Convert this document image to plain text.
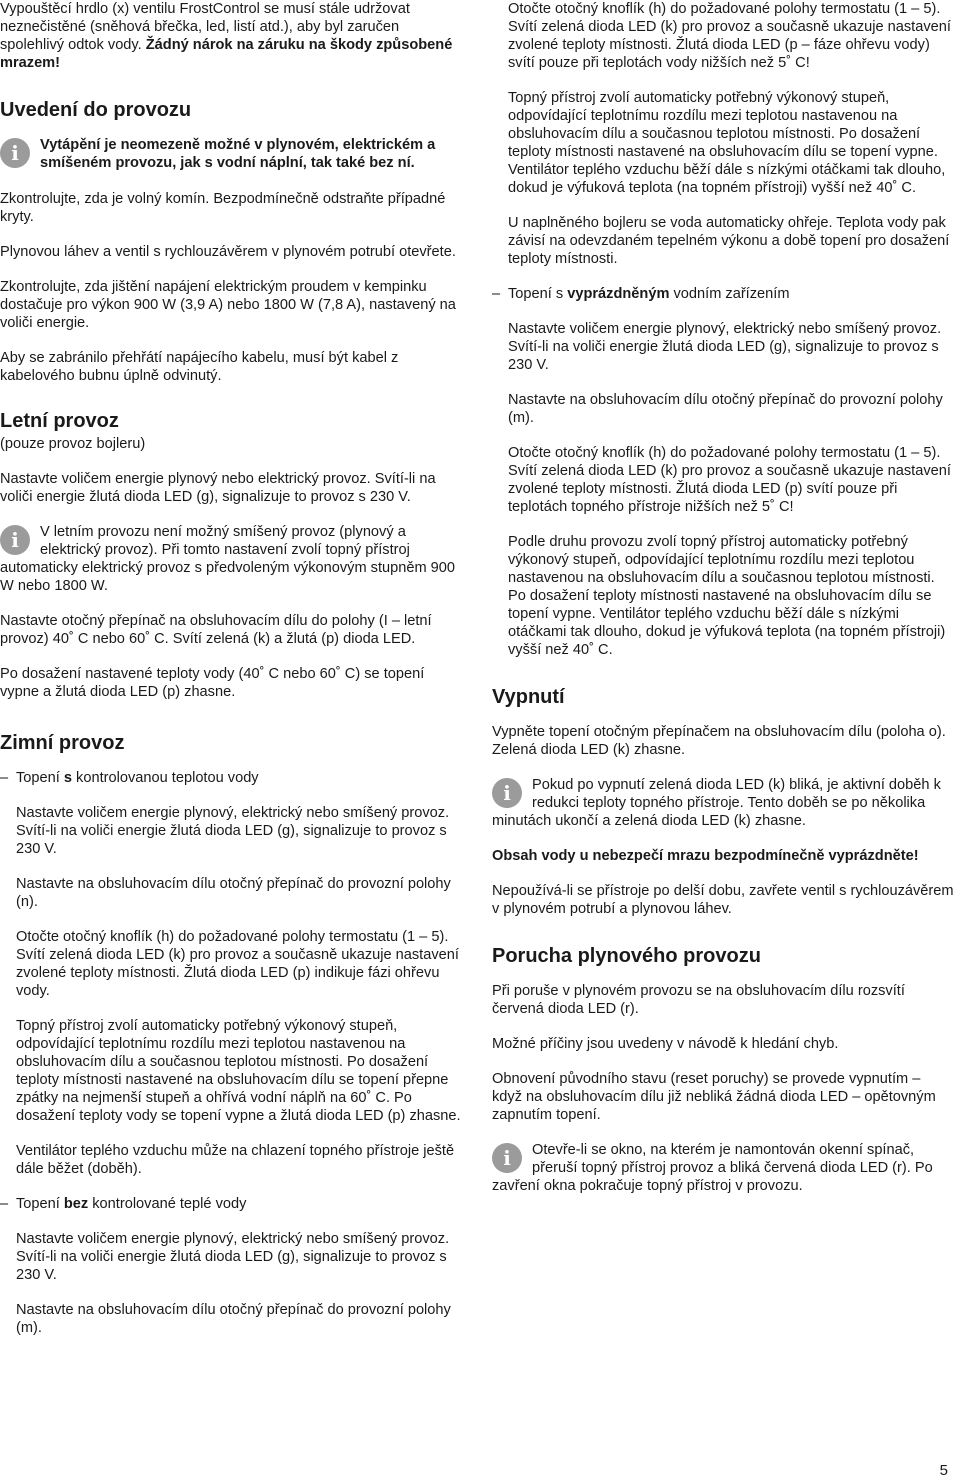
Vypouštěcí hrdlo (x) ventilu FrostControl se musí stále udržovat neznečistěné (sněhová břečka, led, listí atd.), aby byl zaručen spolehlivý odtok vody. Žádný nárok na záruku na škody způsobené mrazem!

Uvedení do provozu
i	Vytápění je neomezeně možné v plynovém, elektrickém a smíšeném provozu, jak s vodní náplní, tak také bez ní.

Zkontrolujte, zda je volný komín. Bezpodmínečně odstraňte případné kryty.

Plynovou láhev a ventil s rychlouzávěrem v plynovém potrubí otevřete.

Zkontrolujte, zda jištění napájení elektrickým proudem v kempinku dostačuje pro výkon 900 W (3,9 A) nebo 1800 W (7,8 A), nastavený na voliči energie.

Aby se zabránilo přehřátí napájecího kabelu, musí být kabel z kabelového bubnu úplně odvinutý.

Letní provoz

(pouze provoz bojleru)

Nastavte voličem energie plynový nebo elektrický provoz. Svítí-li na voliči energie žlutá dioda LED (g), signalizuje to provoz s 230 V.

i	V letním provozu není možný smíšený provoz (plynový a elektrický provoz). Při tomto nastavení zvolí topný přístroj automaticky elektrický provoz s předvoleným výkonovým stupněm 900 W nebo 1800 W.

Nastavte otočný přepínač na obsluhovacím dílu do polohy (I – letní provoz) 40˚ C nebo 60˚ C. Svítí zelená (k) a žlutá (p) dioda LED.

Po dosažení nastavené teploty vody (40˚ C nebo 60˚ C) se topení vypne a žlutá dioda LED (p) zhasne.

Zimní provoz
– Topení s kontrolovanou teplotou vody

Nastavte voličem energie plynový, elektrický nebo smíšený provoz. Svítí-li na voliči energie žlutá dioda LED (g), signalizuje to provoz s 230 V.

Nastavte na obsluhovacím dílu otočný přepínač do provozní polohy (n).

Otočte otočný knoflík (h) do požadované polohy termostatu (1 – 5). Svítí zelená dioda LED (k) pro provoz a současně ukazuje nastavení zvolené teploty místnosti. Žlutá dioda LED (p) indikuje fázi ohřevu vody.

Topný přístroj zvolí automaticky potřebný výkonový stupeň, odpovídající teplotnímu rozdílu mezi teplotou nastavenou na obsluhovacím dílu a současnou teplotou místnosti. Po dosažení teploty místnosti nastavené na obsluhovacím dílu se topení přepne zpátky na nejmenší stupeň a ohřívá vodní náplň na 60˚ C. Po dosažení teploty vody se topení vypne a žlutá dioda LED (p) zhasne.

Ventilátor teplého vzduchu může na chlazení topného přístroje ještě dále běžet (doběh).

– Topení bez kontrolované teplé vody

Nastavte voličem energie plynový, elektrický nebo smíšený provoz. Svítí-li na voliči energie žlutá dioda LED (g), signalizuje to provoz s 230 V.

Nastavte na obsluhovacím dílu otočný přepínač do provozní polohy (m).

Otočte otočný knoflík (h) do požadované polohy termostatu (1 – 5). Svítí zelená dioda LED (k) pro provoz a současně ukazuje nastavení zvolené teploty místnosti. Žlutá dioda LED (p – fáze ohřevu vody) svítí pouze při teplotách vody nižších než 5˚ C!

Topný přístroj zvolí automaticky potřebný výkonový stupeň, odpovídající teplotnímu rozdílu mezi teplotou nastavenou na obsluhovacím dílu a současnou teplotou místnosti. Po dosažení teploty místnosti nastavené na obsluhovacím dílu se topení vypne. Ventilátor teplého vzduchu běží dále s nízkými otáčkami tak dlouho, dokud je výfuková teplota (na topném přístroji) vyšší než 40˚ C.

U naplněného bojleru se voda automaticky ohřeje. Teplota vody pak závisí na odevzdaném tepelném výkonu a době topení pro dosažení teploty místnosti.

– Topení s vyprázdněným vodním zařízením

Nastavte voličem energie plynový, elektrický nebo smíšený provoz. Svítí-li na voliči energie žlutá dioda LED (g), signalizuje to provoz s 230 V.

Nastavte na obsluhovacím dílu otočný přepínač do provozní polohy (m).

Otočte otočný knoflík (h) do požadované polohy termostatu (1 – 5). Svítí zelená dioda LED (k) pro provoz a současně ukazuje nastavení zvolené teploty místnosti. Žlutá dioda LED (p) svítí pouze při teplotách topného přístroje nižších než 5˚ C!

Podle druhu provozu zvolí topný přístroj automaticky potřebný výkonový stupeň, odpovídající teplotnímu rozdílu mezi teplotou nastavenou na obsluhovacím dílu a současnou teplotou místnosti. Po dosažení teploty místnosti nastavené na obsluhovacím dílu se topení vypne. Ventilátor teplého vzduchu běží dále s nízkými otáčkami tak dlouho, dokud je výfuková teplota (na topném přístroji) vyšší než 40˚ C.

Vypnutí

Vypněte topení otočným přepínačem na obsluhovacím dílu (poloha o). Zelená dioda LED (k) zhasne.

i	Pokud po vypnutí zelená dioda LED (k) bliká, je aktivní doběh k redukci teploty topného přístroje. Tento doběh se po několika minutách ukončí a zelená dioda LED (k) zhasne.

Obsah vody u nebezpečí mrazu bezpodmínečně vyprázdněte!

Nepoužívá-li se přístroje po delší dobu, zavřete ventil s rychlouzávěrem v plynovém potrubí a plynovou láhev.

Porucha plynového provozu

Při poruše v plynovém provozu se na obsluhovacím dílu rozsvítí červená dioda LED (r).

Možné příčiny jsou uvedeny v návodě k hledání chyb.

Obnovení původního stavu (reset poruchy) se provede vypnutím – když na obsluhovacím dílu již nebliká žádná dioda LED – opětovným zapnutím topení.

i	Otevře-li se okno, na kterém je namontován okenní spínač, přeruší topný přístroj provoz a bliká červená dioda LED (r). Po zavření okna pokračuje topný přístroj v provozu.
5
